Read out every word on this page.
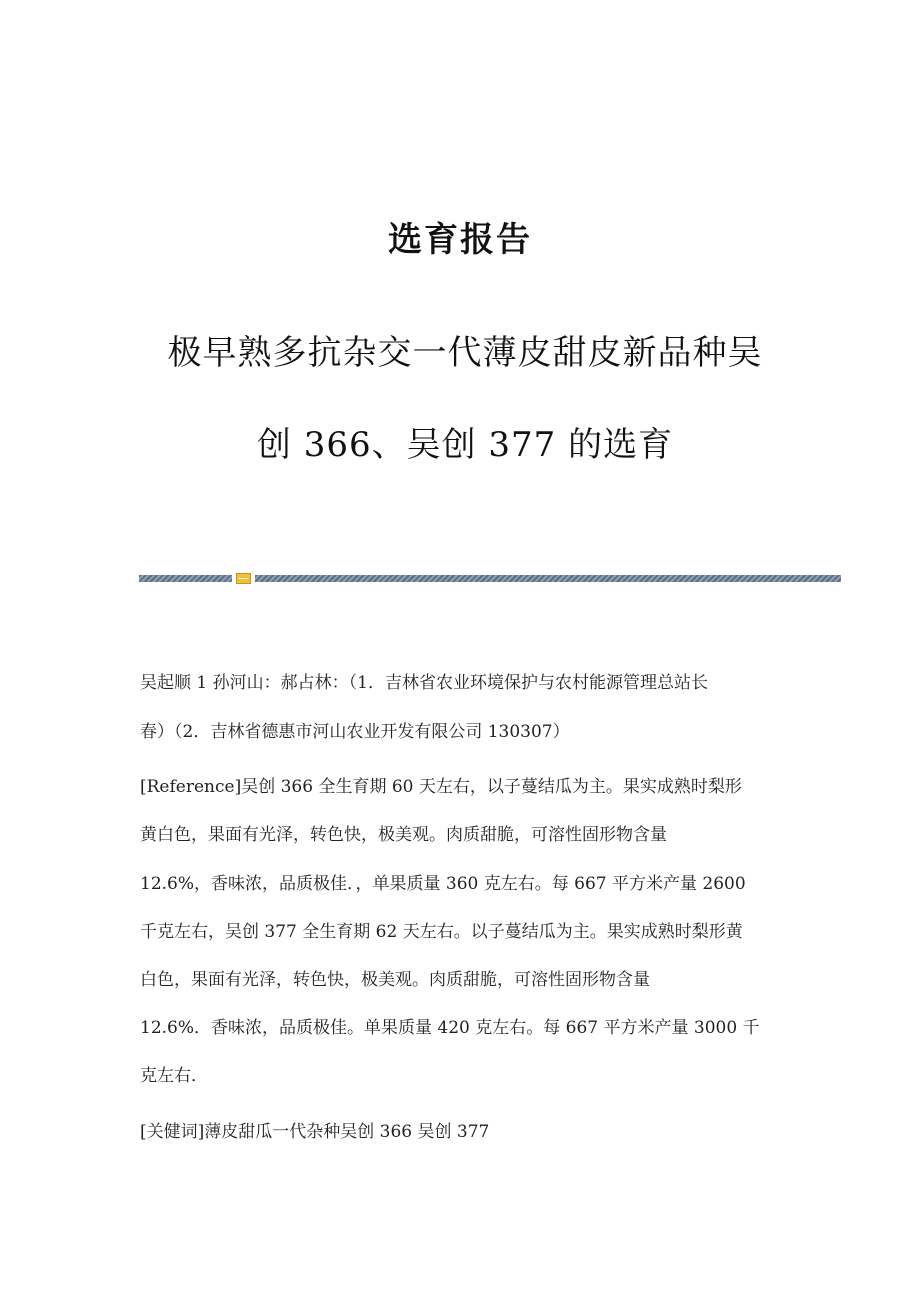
选育报告
极早熟多抗杂交一代薄皮甜皮新品种吴
创 366、吴创 377 的选育
吴起顺 1 孙河山：郝占林：（1．吉林省农业环境保护与农村能源管理总站长
春）（2．吉林省德惠市河山农业开发有限公司 130307）
[Reference]吴创 366 全生育期 60 天左右，以子蔓结瓜为主。果实成熟时梨形
黄白色，果面有光泽，转色快，极美观。肉质甜脆，可溶性固形物含量
12.6%，香味浓，品质极佳．，单果质量 360 克左右。每 667 平方米产量 2600
千克左右，吴创 377 全生育期 62 天左右。以子蔓结瓜为主。果实成熟时梨形黄
白色，果面有光泽，转色快，极美观。肉质甜脆，可溶性固形物含量
12.6%．香味浓，品质极佳。单果质量 420 克左右。每 667 平方米产量 3000 千
克左右．
[关健词]薄皮甜瓜一代杂种吴创 366 吴创 377
